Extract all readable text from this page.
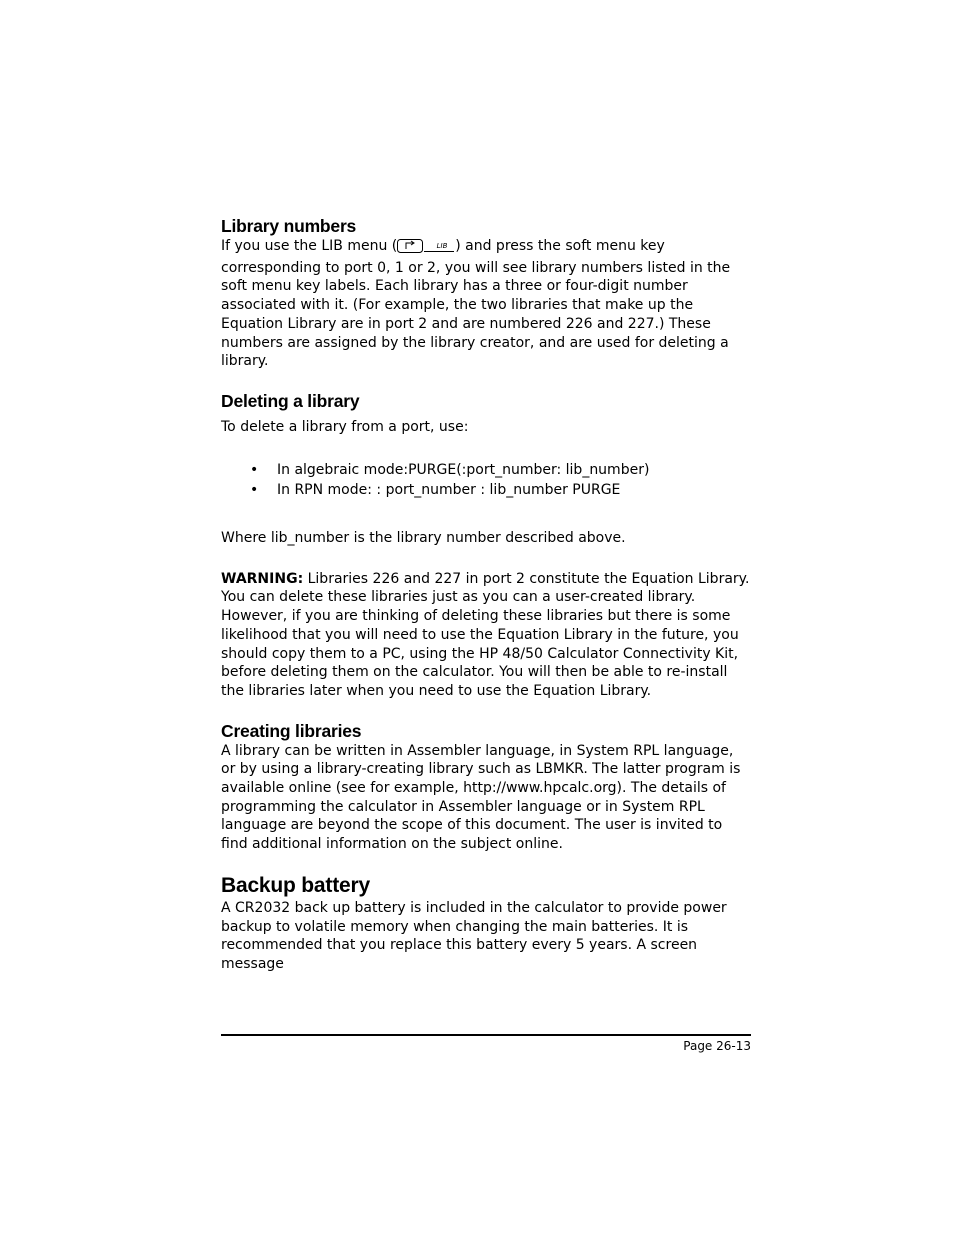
Library numbers

If you use the LIB menu (	LIB ) and press the soft menu key corresponding to port 0, 1 or 2, you will see library numbers listed in the soft menu key labels. Each library has a three or four-digit number associated with it. (For example, the two libraries that make up the Equation Library are in port 2 and are numbered 226 and 227.) These numbers are assigned by the library creator, and are used for deleting a library.

Deleting a library

To delete a library from a port, use:

• In algebraic mode:PURGE(:port_number: lib_number)
• In RPN mode: : port_number : lib_number PURGE

Where lib_number is the library number described above.

WARNING: Libraries 226 and 227 in port 2 constitute the Equation Library. You can delete these libraries just as you can a user-created library. However, if you are thinking of deleting these libraries but there is some likelihood that you will need to use the Equation Library in the future, you should copy them to a PC, using the HP 48/50 Calculator Connectivity Kit, before deleting them on the calculator. You will then be able to re-install the libraries later when you need to use the Equation Library.

Creating libraries

A library can be written in Assembler language, in System RPL language, or by using a library-creating library such as LBMKR. The latter program is available online (see for example, http://www.hpcalc.org). The details of programming the calculator in Assembler language or in System RPL language are beyond the scope of this document. The user is invited to find additional information on the subject online.

Backup battery

A CR2032 back up battery is included in the calculator to provide power backup to volatile memory when changing the main batteries. It is recommended that you replace this battery every 5 years. A screen message

Page 26-13
